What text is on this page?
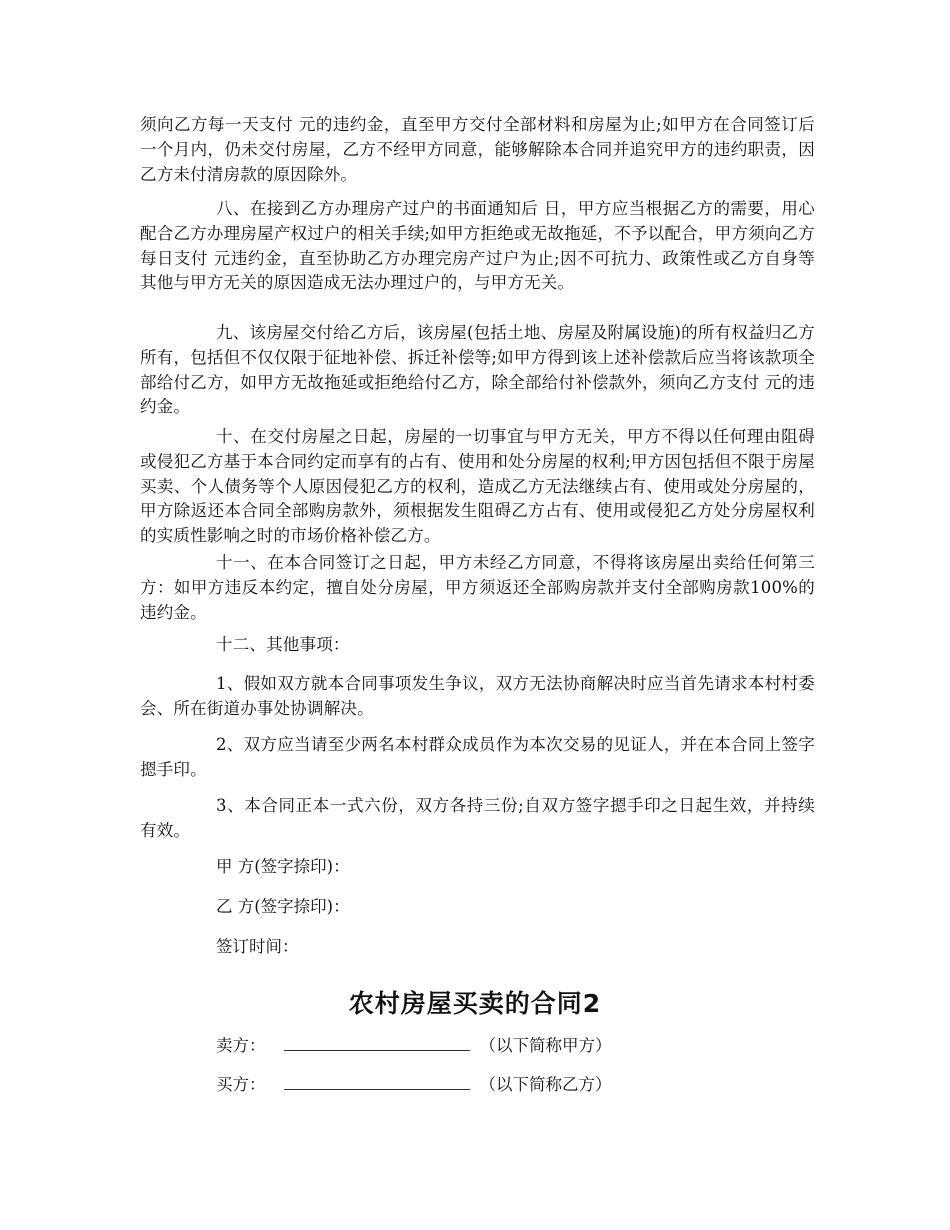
须向乙方每一天支付 元的违约金，直至甲方交付全部材料和房屋为止;如甲方在合同签订后一个月内，仍未交付房屋，乙方不经甲方同意，能够解除本合同并追究甲方的违约职责，因乙方未付清房款的原因除外。
八、在接到乙方办理房产过户的书面通知后 日，甲方应当根据乙方的需要，用心配合乙方办理房屋产权过户的相关手续;如甲方拒绝或无故拖延，不予以配合，甲方须向乙方每日支付 元违约金，直至协助乙方办理完房产过户为止;因不可抗力、政策性或乙方自身等其他与甲方无关的原因造成无法办理过户的，与甲方无关。
九、该房屋交付给乙方后，该房屋(包括土地、房屋及附属设施)的所有权益归乙方所有，包括但不仅仅限于征地补偿、拆迁补偿等;如甲方得到该上述补偿款后应当将该款项全部给付乙方，如甲方无故拖延或拒绝给付乙方，除全部给付补偿款外，须向乙方支付 元的违约金。
十、在交付房屋之日起，房屋的一切事宜与甲方无关，甲方不得以任何理由阻碍或侵犯乙方基于本合同约定而享有的占有、使用和处分房屋的权利;甲方因包括但不限于房屋买卖、个人债务等个人原因侵犯乙方的权利，造成乙方无法继续占有、使用或处分房屋的，甲方除返还本合同全部购房款外，须根据发生阻碍乙方占有、使用或侵犯乙方处分房屋权利的实质性影响之时的市场价格补偿乙方。
十一、在本合同签订之日起，甲方未经乙方同意，不得将该房屋出卖给任何第三方：如甲方违反本约定，擅自处分房屋，甲方须返还全部购房款并支付全部购房款100%的违约金。
十二、其他事项：
1、假如双方就本合同事项发生争议，双方无法协商解决时应当首先请求本村村委会、所在街道办事处协调解决。
2、双方应当请至少两名本村群众成员作为本次交易的见证人，并在本合同上签字摁手印。
3、本合同正本一式六份，双方各持三份;自双方签字摁手印之日起生效，并持续有效。
甲 方(签字捺印)：
乙 方(签字捺印)：
签订时间：
农村房屋买卖的合同2
卖方：	（以下简称甲方）
买方：	（以下简称乙方）
